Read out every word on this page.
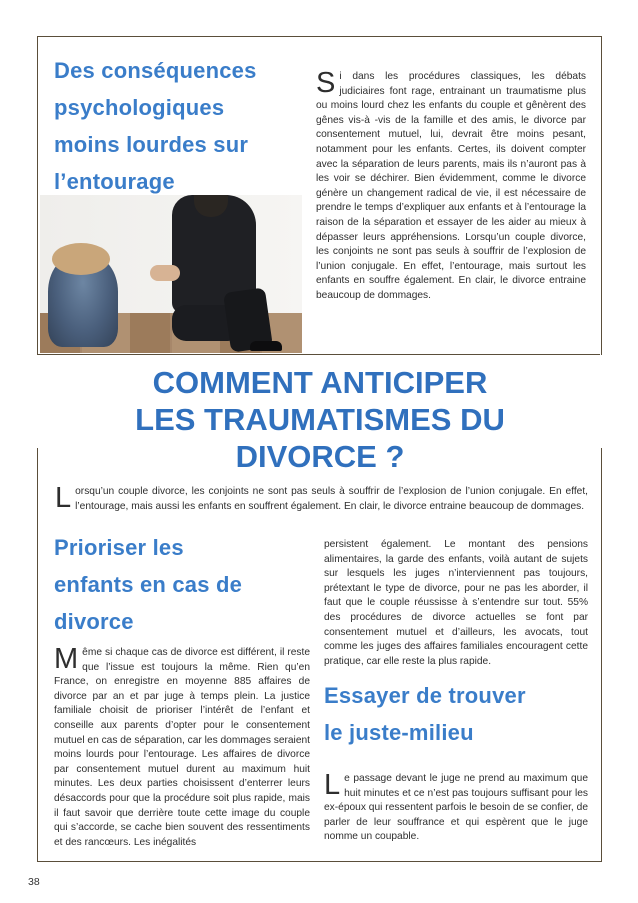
Des conséquences
psychologiques
moins lourdes sur
l’entourage

Si dans les procédures classiques, les débats judiciaires font rage, entrainant un traumatisme plus ou moins lourd chez les enfants du couple et gênèrent des gênes vis-à -vis de la famille et des amis, le divorce par consentement mutuel, lui, devrait être moins pesant, notamment pour les enfants. Certes, ils doivent compter avec la séparation de leurs parents, mais ils n’auront pas à les voir se déchirer. Bien évidemment, comme le divorce génère un changement radical de vie, il est nécessaire de prendre le temps d’expliquer aux enfants et à l’entourage la raison de la séparation et essayer de les aider au mieux à dépasser leurs appréhensions. Lorsqu’un couple divorce, les conjoints ne sont pas seuls à souffrir de l’explosion de l’union conjugale. En effet, l’entourage, mais surtout les enfants en souffre également. En clair, le divorce entraine beaucoup de dommages.

COMMENT ANTICIPER
LES TRAUMATISMES DU
DIVORCE ?

Lorsqu’un couple divorce, les conjoints ne sont pas seuls à souffrir de l’explosion de l’union conjugale. En effet, l’entourage, mais aussi les enfants en souffrent également. En clair, le divorce entraine beaucoup de dommages.

Prioriser les
enfants en cas de
divorce

Même si chaque cas de divorce est différent, il reste que l’issue est toujours la même. Rien qu’en France, on enregistre en moyenne 885 affaires de divorce par an et par juge à temps plein. La justice familiale choisit de prioriser l’intérêt de l’enfant et conseille aux parents d’opter pour le consentement mutuel en cas de séparation, car les dommages seraient moins lourds pour l’entourage. Les affaires de divorce par consentement mutuel durent au maximum huit minutes. Les deux parties choisissent d’enterrer leurs désaccords pour que la procédure soit plus rapide, mais il faut savoir que derrière toute cette image du couple qui s’accorde, se cache bien souvent des ressentiments et des rancœurs. Les inégalités

persistent également. Le montant des pensions alimentaires, la garde des enfants, voilà autant de sujets sur lesquels les juges n’interviennent pas toujours, prétextant le type de divorce, pour ne pas les aborder, il faut que le couple réussisse à s’entendre sur tout. 55% des procédures de divorce actuelles se font par consentement mutuel et d’ailleurs, les avocats, tout comme les juges des affaires familiales encouragent cette pratique, car elle reste la plus rapide.

Essayer de trouver
le juste-milieu

Le passage devant le juge ne prend au maximum que huit minutes et ce n’est pas toujours suffisant pour les ex-époux qui ressentent parfois le besoin de se confier, de parler de leur souffrance et qui espèrent que le juge nomme un coupable.

38
